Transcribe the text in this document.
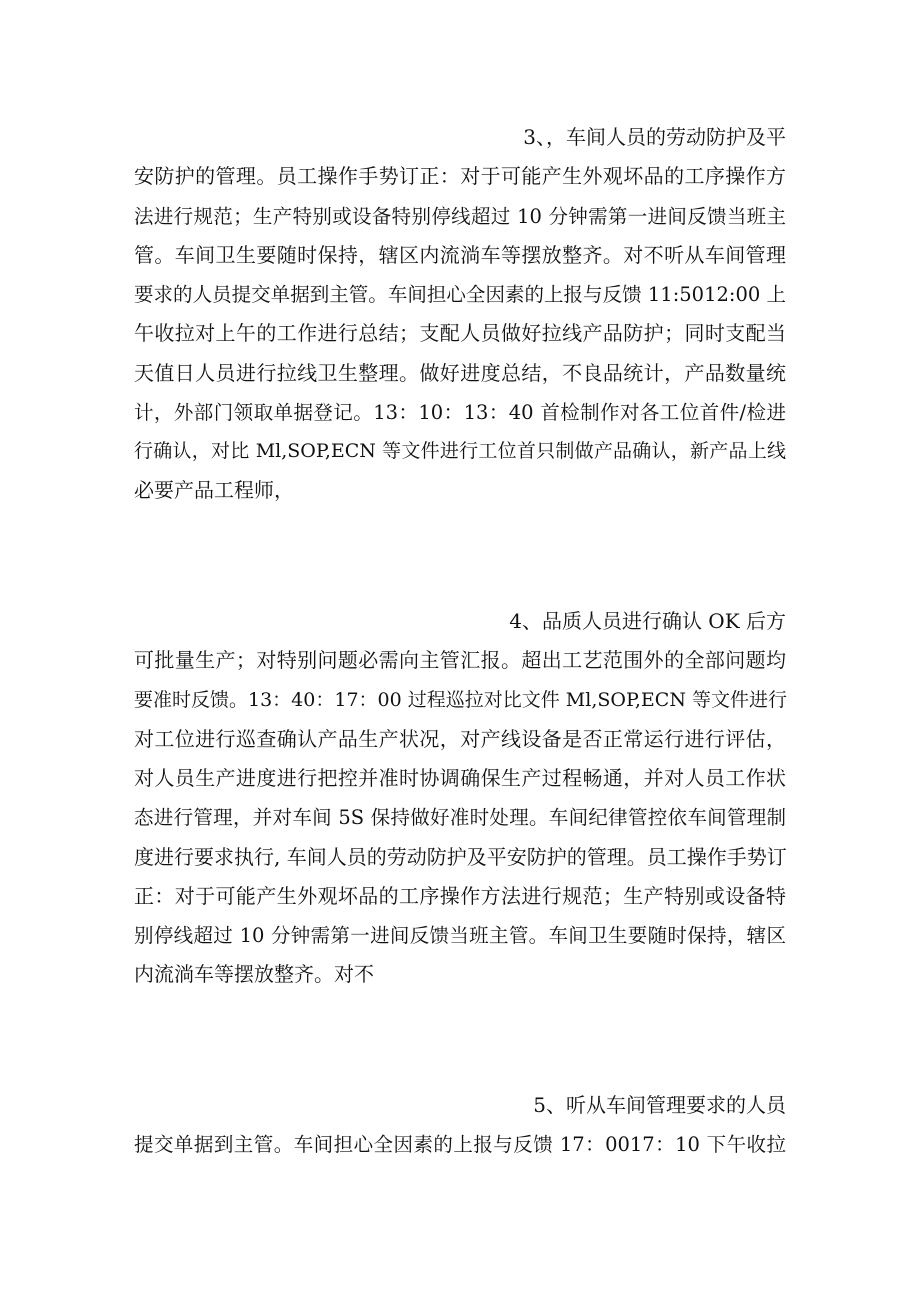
3、，车间人员的劳动防护及平
安防护的管理。员工操作手势订正：对于可能产生外观坏品的工序操作方
法进行规范；生产特别或设备特别停线超过 10 分钟需第一进间反馈当班主
管。车间卫生要随时保持，辖区内流淌车等摆放整齐。对不听从车间管理
要求的人员提交单据到主管。车间担心全因素的上报与反馈 11:5012:00 上
午收拉对上午的工作进行总结；支配人员做好拉线产品防护；同时支配当
天值日人员进行拉线卫生整理。做好进度总结，不良品统计，产品数量统
计，外部门领取单据登记。13：10：13：40 首检制作对各工位首件/检进
行确认，对比 Ml,SOP,ECN 等文件进行工位首只制做产品确认，新产品上线
必要产品工程师，
4、品质人员进行确认 OK 后方
可批量生产；对特别问题必需向主管汇报。超出工艺范围外的全部问题均
要准时反馈。13：40：17：00 过程巡拉对比文件 Ml,SOP,ECN 等文件进行
对工位进行巡查确认产品生产状况，对产线设备是否正常运行进行评估，
对人员生产进度进行把控并准时协调确保生产过程畅通，并对人员工作状
态进行管理，并对车间 5S 保持做好准时处理。车间纪律管控依车间管理制
度进行要求执行, 车间人员的劳动防护及平安防护的管理。员工操作手势订
正：对于可能产生外观坏品的工序操作方法进行规范；生产特别或设备特
别停线超过 10 分钟需第一进间反馈当班主管。车间卫生要随时保持，辖区
内流淌车等摆放整齐。对不
5、听从车间管理要求的人员
提交单据到主管。车间担心全因素的上报与反馈 17：0017：10 下午收拉
